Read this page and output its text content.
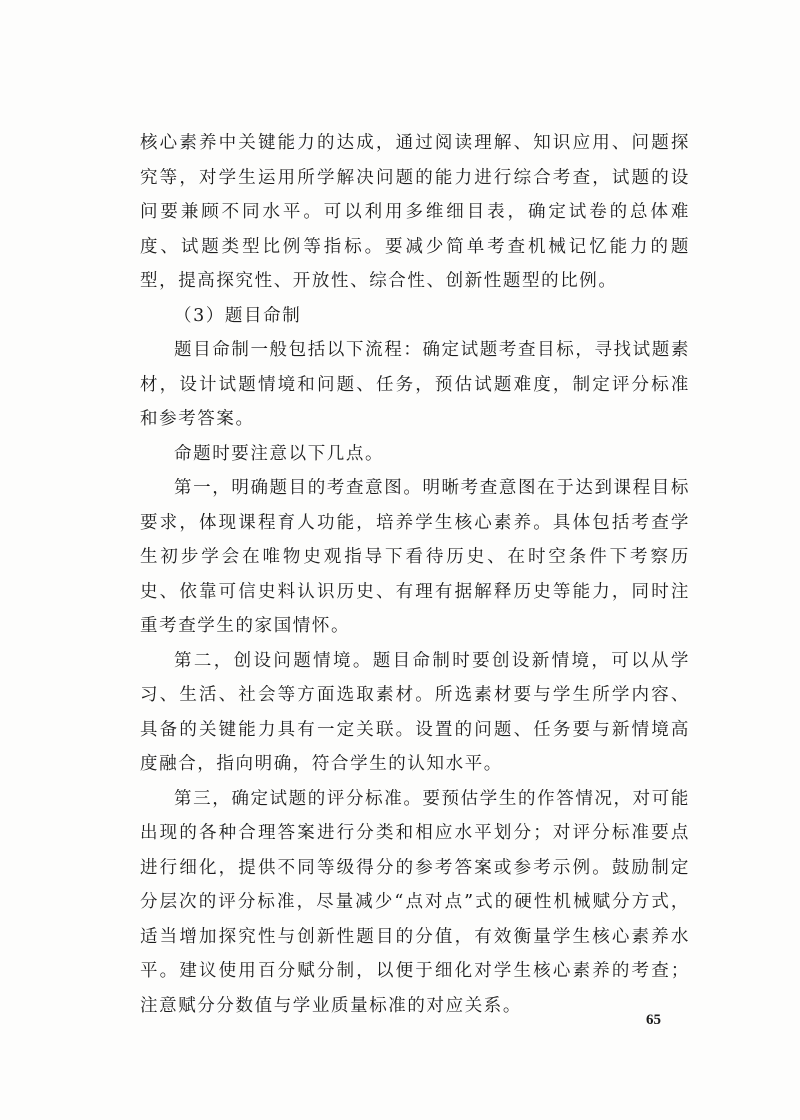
核心素养中关键能力的达成，通过阅读理解、知识应用、问题探究等，对学生运用所学解决问题的能力进行综合考查，试题的设问要兼顾不同水平。可以利用多维细目表，确定试卷的总体难度、试题类型比例等指标。要减少简单考查机械记忆能力的题型，提高探究性、开放性、综合性、创新性题型的比例。

（3）题目命制

题目命制一般包括以下流程：确定试题考查目标，寻找试题素材，设计试题情境和问题、任务，预估试题难度，制定评分标准和参考答案。

命题时要注意以下几点。

第一，明确题目的考查意图。明晰考查意图在于达到课程目标要求，体现课程育人功能，培养学生核心素养。具体包括考查学生初步学会在唯物史观指导下看待历史、在时空条件下考察历史、依靠可信史料认识历史、有理有据解释历史等能力，同时注重考查学生的家国情怀。

第二，创设问题情境。题目命制时要创设新情境，可以从学习、生活、社会等方面选取素材。所选素材要与学生所学内容、具备的关键能力具有一定关联。设置的问题、任务要与新情境高度融合，指向明确，符合学生的认知水平。

第三，确定试题的评分标准。要预估学生的作答情况，对可能出现的各种合理答案进行分类和相应水平划分；对评分标准要点进行细化，提供不同等级得分的参考答案或参考示例。鼓励制定分层次的评分标准，尽量减少“点对点”式的硬性机械赋分方式，适当增加探究性与创新性题目的分值，有效衡量学生核心素养水平。建议使用百分赋分制，以便于细化对学生核心素养的考查；注意赋分分数值与学业质量标准的对应关系。

65
